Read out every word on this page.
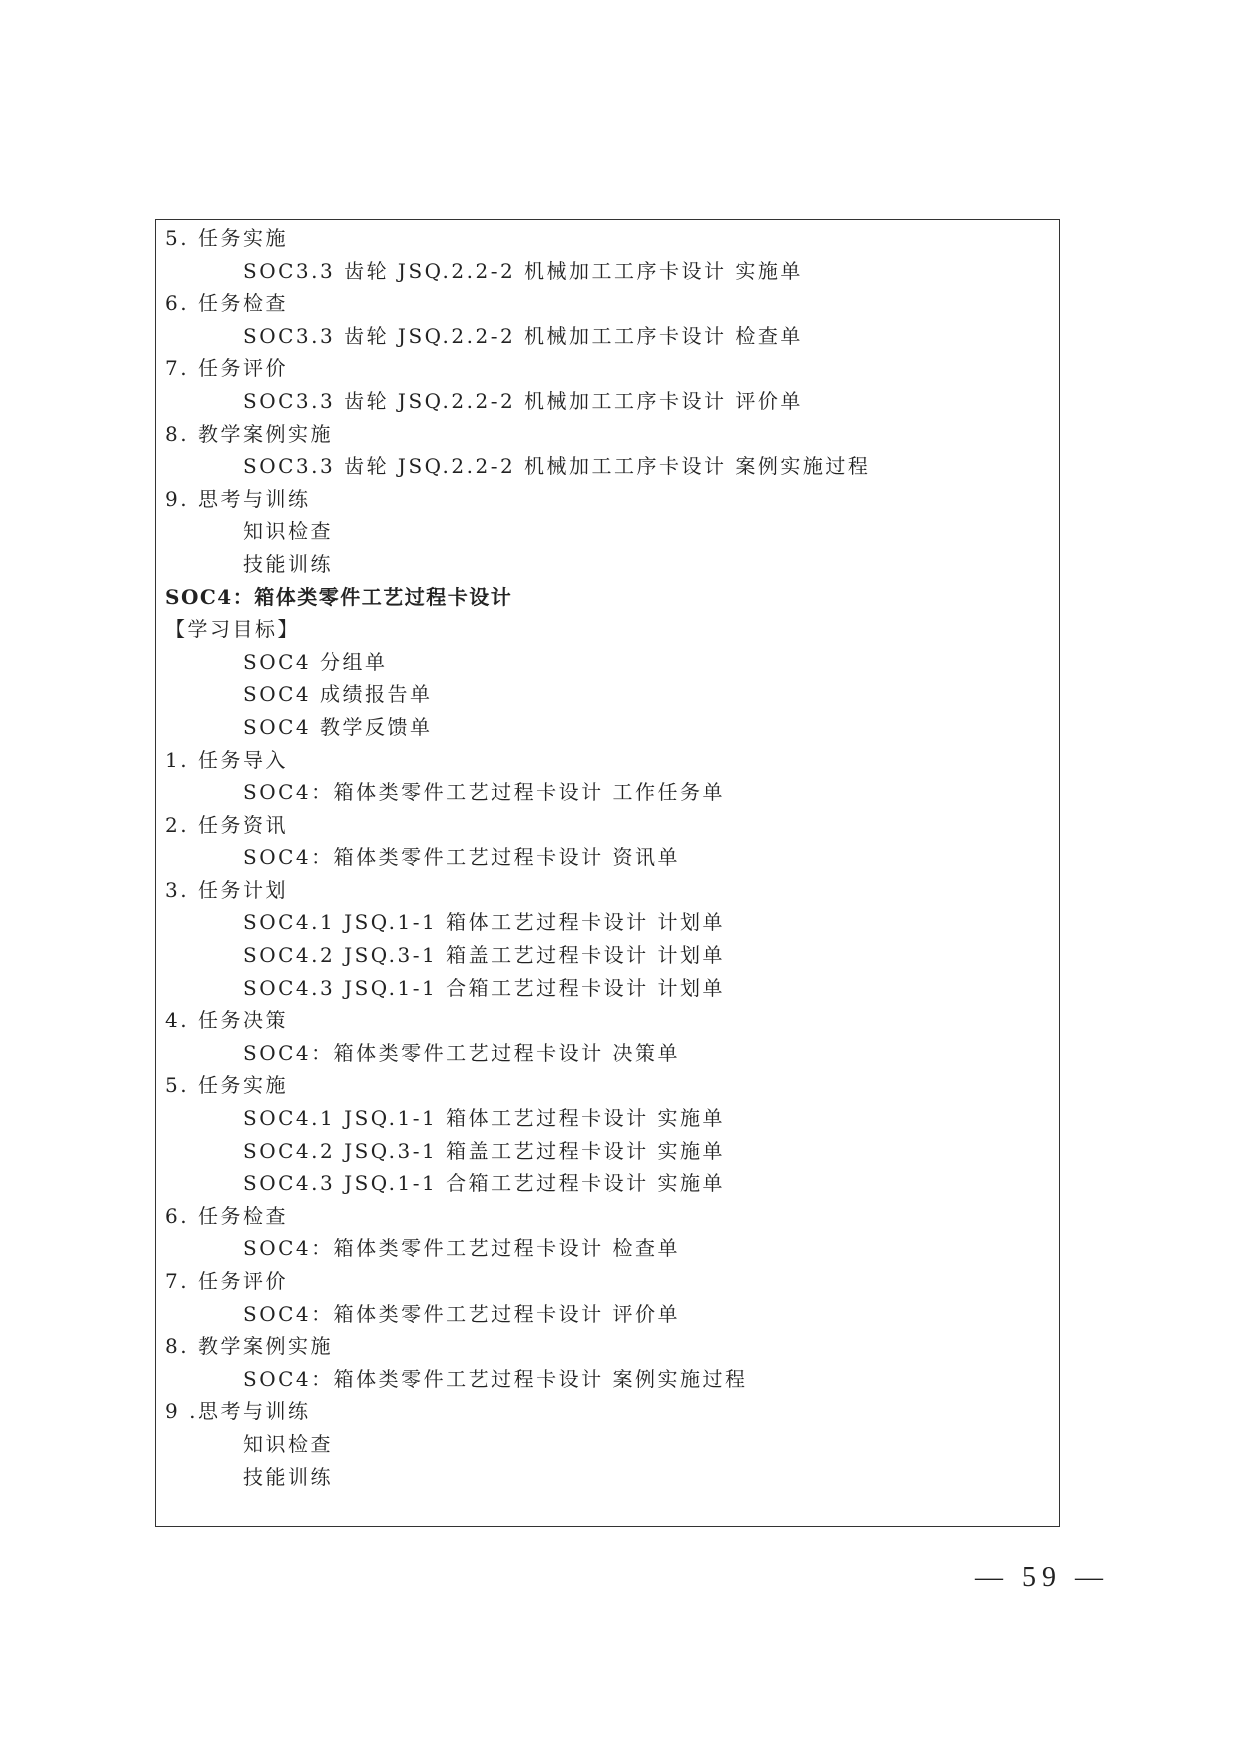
5. 任务实施
SOC3.3 齿轮 JSQ.2.2-2 机械加工工序卡设计 实施单
6. 任务检查
SOC3.3 齿轮 JSQ.2.2-2 机械加工工序卡设计 检查单
7. 任务评价
SOC3.3 齿轮 JSQ.2.2-2 机械加工工序卡设计 评价单
8. 教学案例实施
SOC3.3 齿轮 JSQ.2.2-2 机械加工工序卡设计 案例实施过程
9. 思考与训练
知识检查
技能训练
SOC4：箱体类零件工艺过程卡设计
【学习目标】
SOC4 分组单
SOC4 成绩报告单
SOC4 教学反馈单
1. 任务导入
SOC4：箱体类零件工艺过程卡设计 工作任务单
2. 任务资讯
SOC4：箱体类零件工艺过程卡设计 资讯单
3. 任务计划
SOC4.1 JSQ.1-1 箱体工艺过程卡设计 计划单
SOC4.2 JSQ.3-1 箱盖工艺过程卡设计 计划单
SOC4.3 JSQ.1-1 合箱工艺过程卡设计 计划单
4. 任务决策
SOC4：箱体类零件工艺过程卡设计 决策单
5. 任务实施
SOC4.1 JSQ.1-1 箱体工艺过程卡设计 实施单
SOC4.2 JSQ.3-1 箱盖工艺过程卡设计 实施单
SOC4.3 JSQ.1-1 合箱工艺过程卡设计 实施单
6. 任务检查
SOC4：箱体类零件工艺过程卡设计 检查单
7. 任务评价
SOC4：箱体类零件工艺过程卡设计 评价单
8. 教学案例实施
SOC4：箱体类零件工艺过程卡设计 案例实施过程
9 .思考与训练
知识检查
技能训练
— 59 —
